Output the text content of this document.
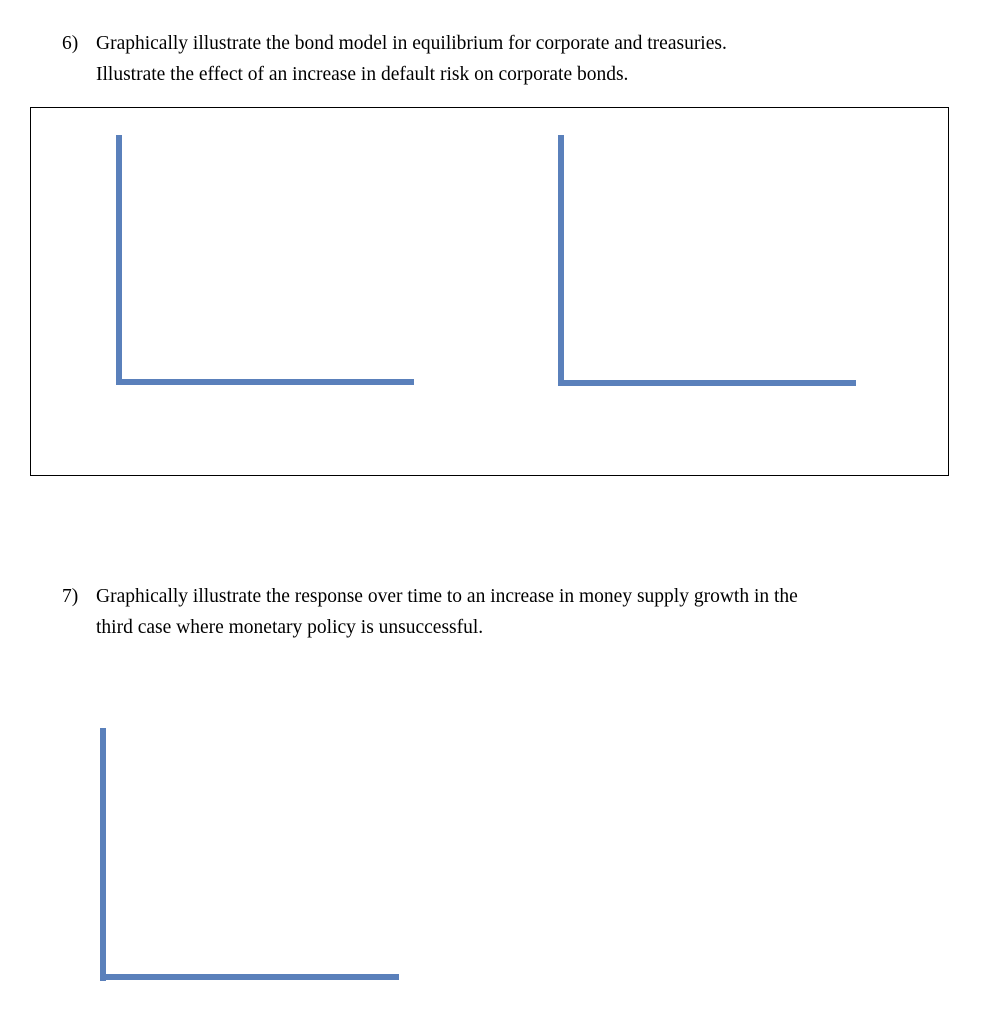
6) Graphically illustrate the bond model in equilibrium for corporate and treasuries.
Illustrate the effect of an increase in default risk on corporate bonds.
7) Graphically illustrate the response over time to an increase in money supply growth in the
third case where monetary policy is unsuccessful.
